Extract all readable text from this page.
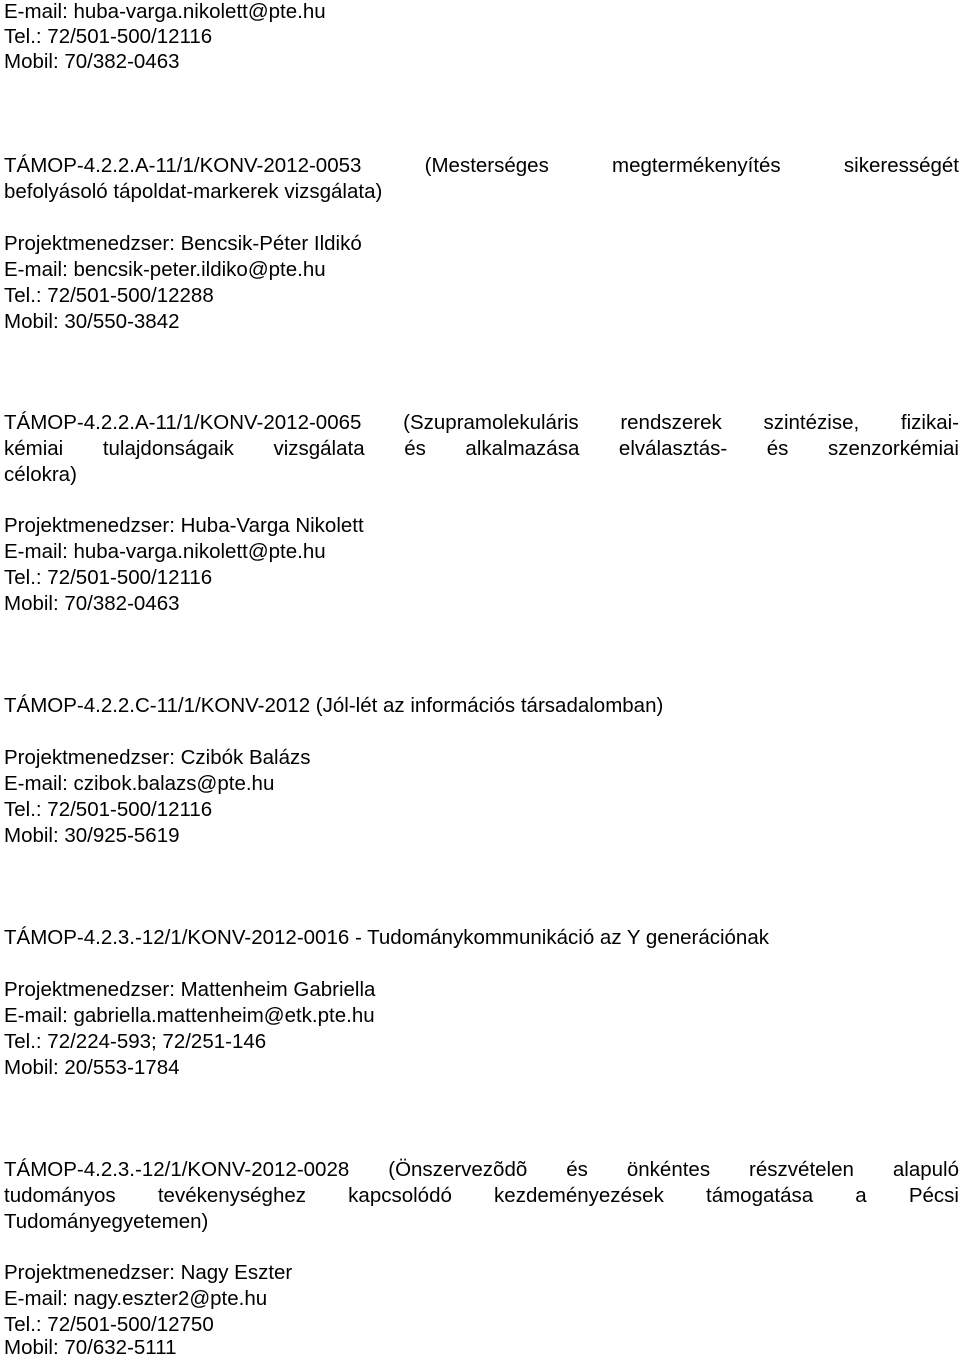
E-mail: huba-varga.nikolett@pte.hu
Tel.: 72/501-500/12116
Mobil: 70/382-0463
TÁMOP-4.2.2.A-11/1/KONV-2012-0053 (Mesterséges megtermékenyítés sikerességét
befolyásoló tápoldat-markerek vizsgálata)
Projektmenedzser: Bencsik-Péter Ildikó
E-mail: bencsik-peter.ildiko@pte.hu
Tel.: 72/501-500/12288
Mobil: 30/550-3842
TÁMOP-4.2.2.A-11/1/KONV-2012-0065 (Szupramolekuláris rendszerek szintézise, fizikai-
kémiai tulajdonságaik vizsgálata és alkalmazása elválasztás- és szenzorkémiai
célokra)
Projektmenedzser: Huba-Varga Nikolett
E-mail: huba-varga.nikolett@pte.hu
Tel.: 72/501-500/12116
Mobil: 70/382-0463
TÁMOP-4.2.2.C-11/1/KONV-2012 (Jól-lét az információs társadalomban)
Projektmenedzser: Czibók Balázs
E-mail: czibok.balazs@pte.hu
Tel.: 72/501-500/12116
Mobil: 30/925-5619
TÁMOP-4.2.3.-12/1/KONV-2012-0016 - Tudománykommunikáció az Y generációnak
Projektmenedzser: Mattenheim Gabriella
E-mail: gabriella.mattenheim@etk.pte.hu
Tel.: 72/224-593; 72/251-146
Mobil: 20/553-1784
TÁMOP-4.2.3.-12/1/KONV-2012-0028 (Önszervezõdõ és önkéntes részvételen alapuló
tudományos tevékenységhez kapcsolódó kezdeményezések támogatása a Pécsi
Tudományegyetemen)
Projektmenedzser: Nagy Eszter
E-mail: nagy.eszter2@pte.hu
Tel.: 72/501-500/12750
Mobil: 70/632-5111
